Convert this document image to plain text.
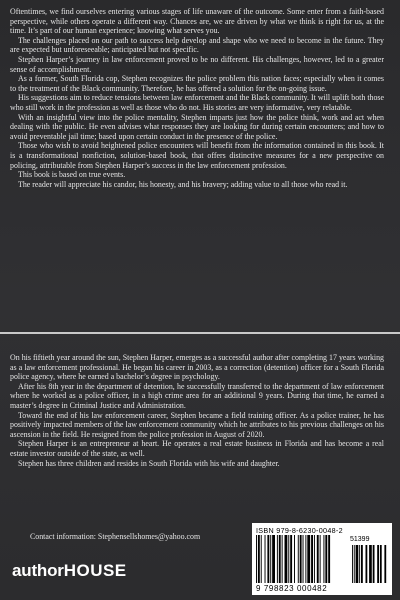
Oftentimes, we find ourselves entering various stages of life unaware of the outcome. Some enter from a faith-based perspective, while others operate a different way. Chances are, we are driven by what we think is right for us, at the time. It’s part of our human experience; knowing what serves you.

The challenges placed on our path to success help develop and shape who we need to become in the future. They are expected but unforeseeable; anticipated but not specific.

Stephen Harper’s journey in law enforcement proved to be no different. His challenges, however, led to a greater sense of accomplishment.

As a former, South Florida cop, Stephen recognizes the police problem this nation faces; especially when it comes to the treatment of the Black community. Therefore, he has offered a solution for the on-going issue.

His suggestions aim to reduce tensions between law enforcement and the Black community. It will uplift both those who still work in the profession as well as those who do not. His stories are very informative, very relatable.

With an insightful view into the police mentality, Stephen imparts just how the police think, work and act when dealing with the public. He even advises what responses they are looking for during certain encounters; and how to avoid preventable jail time; based upon certain conduct in the presence of the police.

Those who wish to avoid heightened police encounters will benefit from the information contained in this book. It is a transformational nonfiction, solution-based book, that offers distinctive measures for a new perspective on policing, attributable from Stephen Harper’s success in the law enforcement profession.

This book is based on true events.

The reader will appreciate his candor, his honesty, and his bravery; adding value to all those who read it.

On his fiftieth year around the sun, Stephen Harper, emerges as a successful author after completing 17 years working as a law enforcement professional. He began his career in 2003, as a correction (detention) officer for a South Florida police agency, where he earned a bachelor’s degree in psychology.

After his 8th year in the department of detention, he successfully transferred to the department of law enforcement where he worked as a police officer, in a high crime area for an additional 9 years. During that time, he earned a master’s degree in Criminal Justice and Administration.

Toward the end of his law enforcement career, Stephen became a field training officer. As a police trainer, he has positively impacted members of the law enforcement community which he attributes to his previous challenges on his ascension in the field. He resigned from the police profession in August of 2020.

Stephen Harper is an entrepreneur at heart. He operates a real estate business in Florida and has become a real estate investor outside of the state, as well.

Stephen has three children and resides in South Florida with his wife and daughter.

Contact information: Stephensellshomes@yahoo.com
authorHOUSE
ISBN 979-8-6230-0048-2
51399
9 798823 000482
